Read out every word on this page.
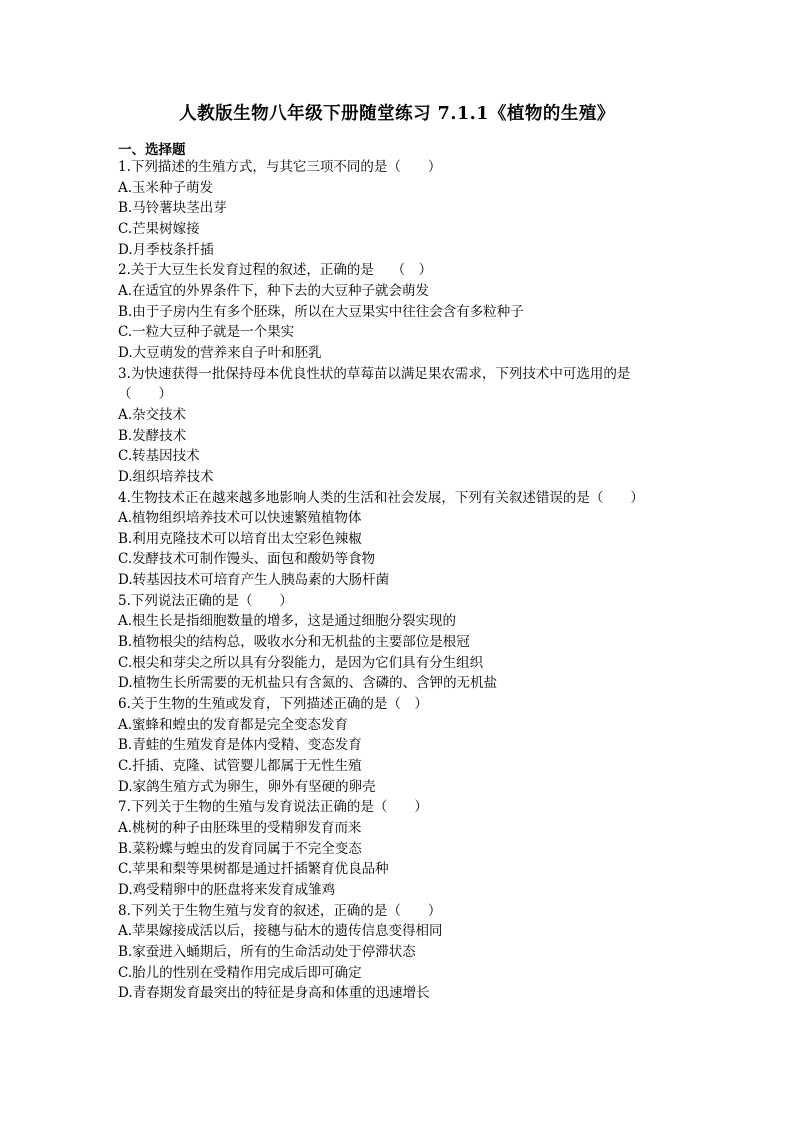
人教版生物八年级下册随堂练习 7.1.1《植物的生殖》
一、选择题

1.下列描述的生殖方式，与其它三项不同的是（　　）

A.玉米种子萌发

B.马铃薯块茎出芽

C.芒果树嫁接

D.月季枝条扦插

2.关于大豆生长发育过程的叙述，正确的是　 （　）

A.在适宜的外界条件下，种下去的大豆种子就会萌发

B.由于子房内生有多个胚珠，所以在大豆果实中往往会含有多粒种子

C.一粒大豆种子就是一个果实

D.大豆萌发的营养来自子叶和胚乳

3.为快速获得一批保持母本优良性状的草莓苗以满足果农需求，下列技术中可选用的是（　　）

A.杂交技术

B.发酵技术

C.转基因技术

D.组织培养技术

4.生物技术正在越来越多地影响人类的生活和社会发展，下列有关叙述错误的是（　　）

A.植物组织培养技术可以快速繁殖植物体

B.利用克隆技术可以培育出太空彩色辣椒

C.发酵技术可制作馒头、面包和酸奶等食物

D.转基因技术可培育产生人胰岛素的大肠杆菌

5.下列说法正确的是（　　）

A.根生长是指细胞数量的增多，这是通过细胞分裂实现的

B.植物根尖的结构总，吸收水分和无机盐的主要部位是根冠

C.根尖和芽尖之所以具有分裂能力，是因为它们具有分生组织

D.植物生长所需要的无机盐只有含氮的、含磷的、含钾的无机盐

6.关于生物的生殖或发育，下列描述正确的是（　）

A.蜜蜂和蝗虫的发育都是完全变态发育

B.青蛙的生殖发育是体内受精、变态发育

C.扦插、克隆、试管婴儿都属于无性生殖

D.家鸽生殖方式为卵生，卵外有坚硬的卵壳

7.下列关于生物的生殖与发育说法正确的是（　　）

A.桃树的种子由胚珠里的受精卵发育而来

B.菜粉蝶与蝗虫的发育同属于不完全变态

C.苹果和梨等果树都是通过扦插繁育优良品种

D.鸡受精卵中的胚盘将来发育成雏鸡

8.下列关于生物生殖与发育的叙述，正确的是（　　）

A.苹果嫁接成活以后，接穗与砧木的遗传信息变得相同

B.家蚕进入蛹期后，所有的生命活动处于停滞状态

C.胎儿的性别在受精作用完成后即可确定

D.青春期发育最突出的特征是身高和体重的迅速增长
